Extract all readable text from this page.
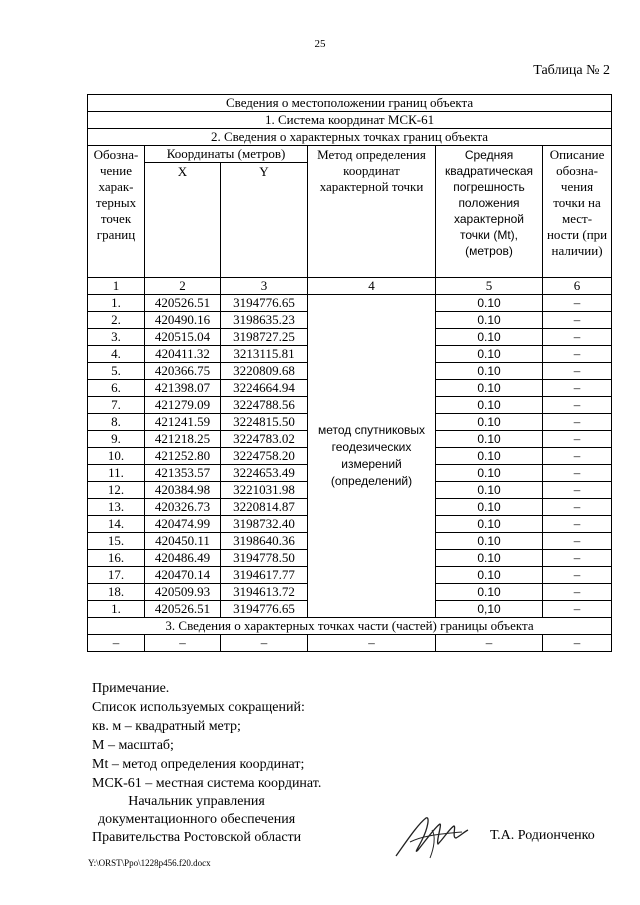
25
Таблица № 2
Сведения о местоположении границ объекта					
1. Система координат МСК-61					
2. Сведения о характерных точках границ объекта					
Обозна-чение харак-терных точек границ	Координаты (метров)		Метод определения координат характерной точки	Средняя квадратическая погрешность положения характерной точки (Mt), (метров)	Описание обозна-чения точки на мест-ности (при наличии)
	X	Y			
1	2	3	4	5	6
1.	420526.51	3194776.65	метод спутниковых геодезических измерений (определений)	0.10	–
2.	420490.16	3198635.23		0.10	–
3.	420515.04	3198727.25		0.10	–
4.	420411.32	3213115.81		0.10	–
5.	420366.75	3220809.68		0.10	–
6.	421398.07	3224664.94		0.10	–
7.	421279.09	3224788.56		0.10	–
8.	421241.59	3224815.50		0.10	–
9.	421218.25	3224783.02		0.10	–
10.	421252.80	3224758.20		0.10	–
11.	421353.57	3224653.49		0.10	–
12.	420384.98	3221031.98		0.10	–
13.	420326.73	3220814.87		0.10	–
14.	420474.99	3198732.40		0.10	–
15.	420450.11	3198640.36		0.10	–
16.	420486.49	3194778.50		0.10	–
17.	420470.14	3194617.77		0.10	–
18.	420509.93	3194613.72		0.10	–
1.	420526.51	3194776.65		0,10	–
3. Сведения о характерных точках части (частей) границы объекта					
–	–	–	–	–	–
Примечание.
Список используемых сокращений:
кв. м – квадратный метр;
М – масштаб;
Mt – метод определения координат;
МСК-61 – местная система координат.
Начальник управления
документационного обеспечения
Правительства Ростовской области	Т.А. Родионченко
Y:\ORST\Ppo\1228p456.f20.docx
